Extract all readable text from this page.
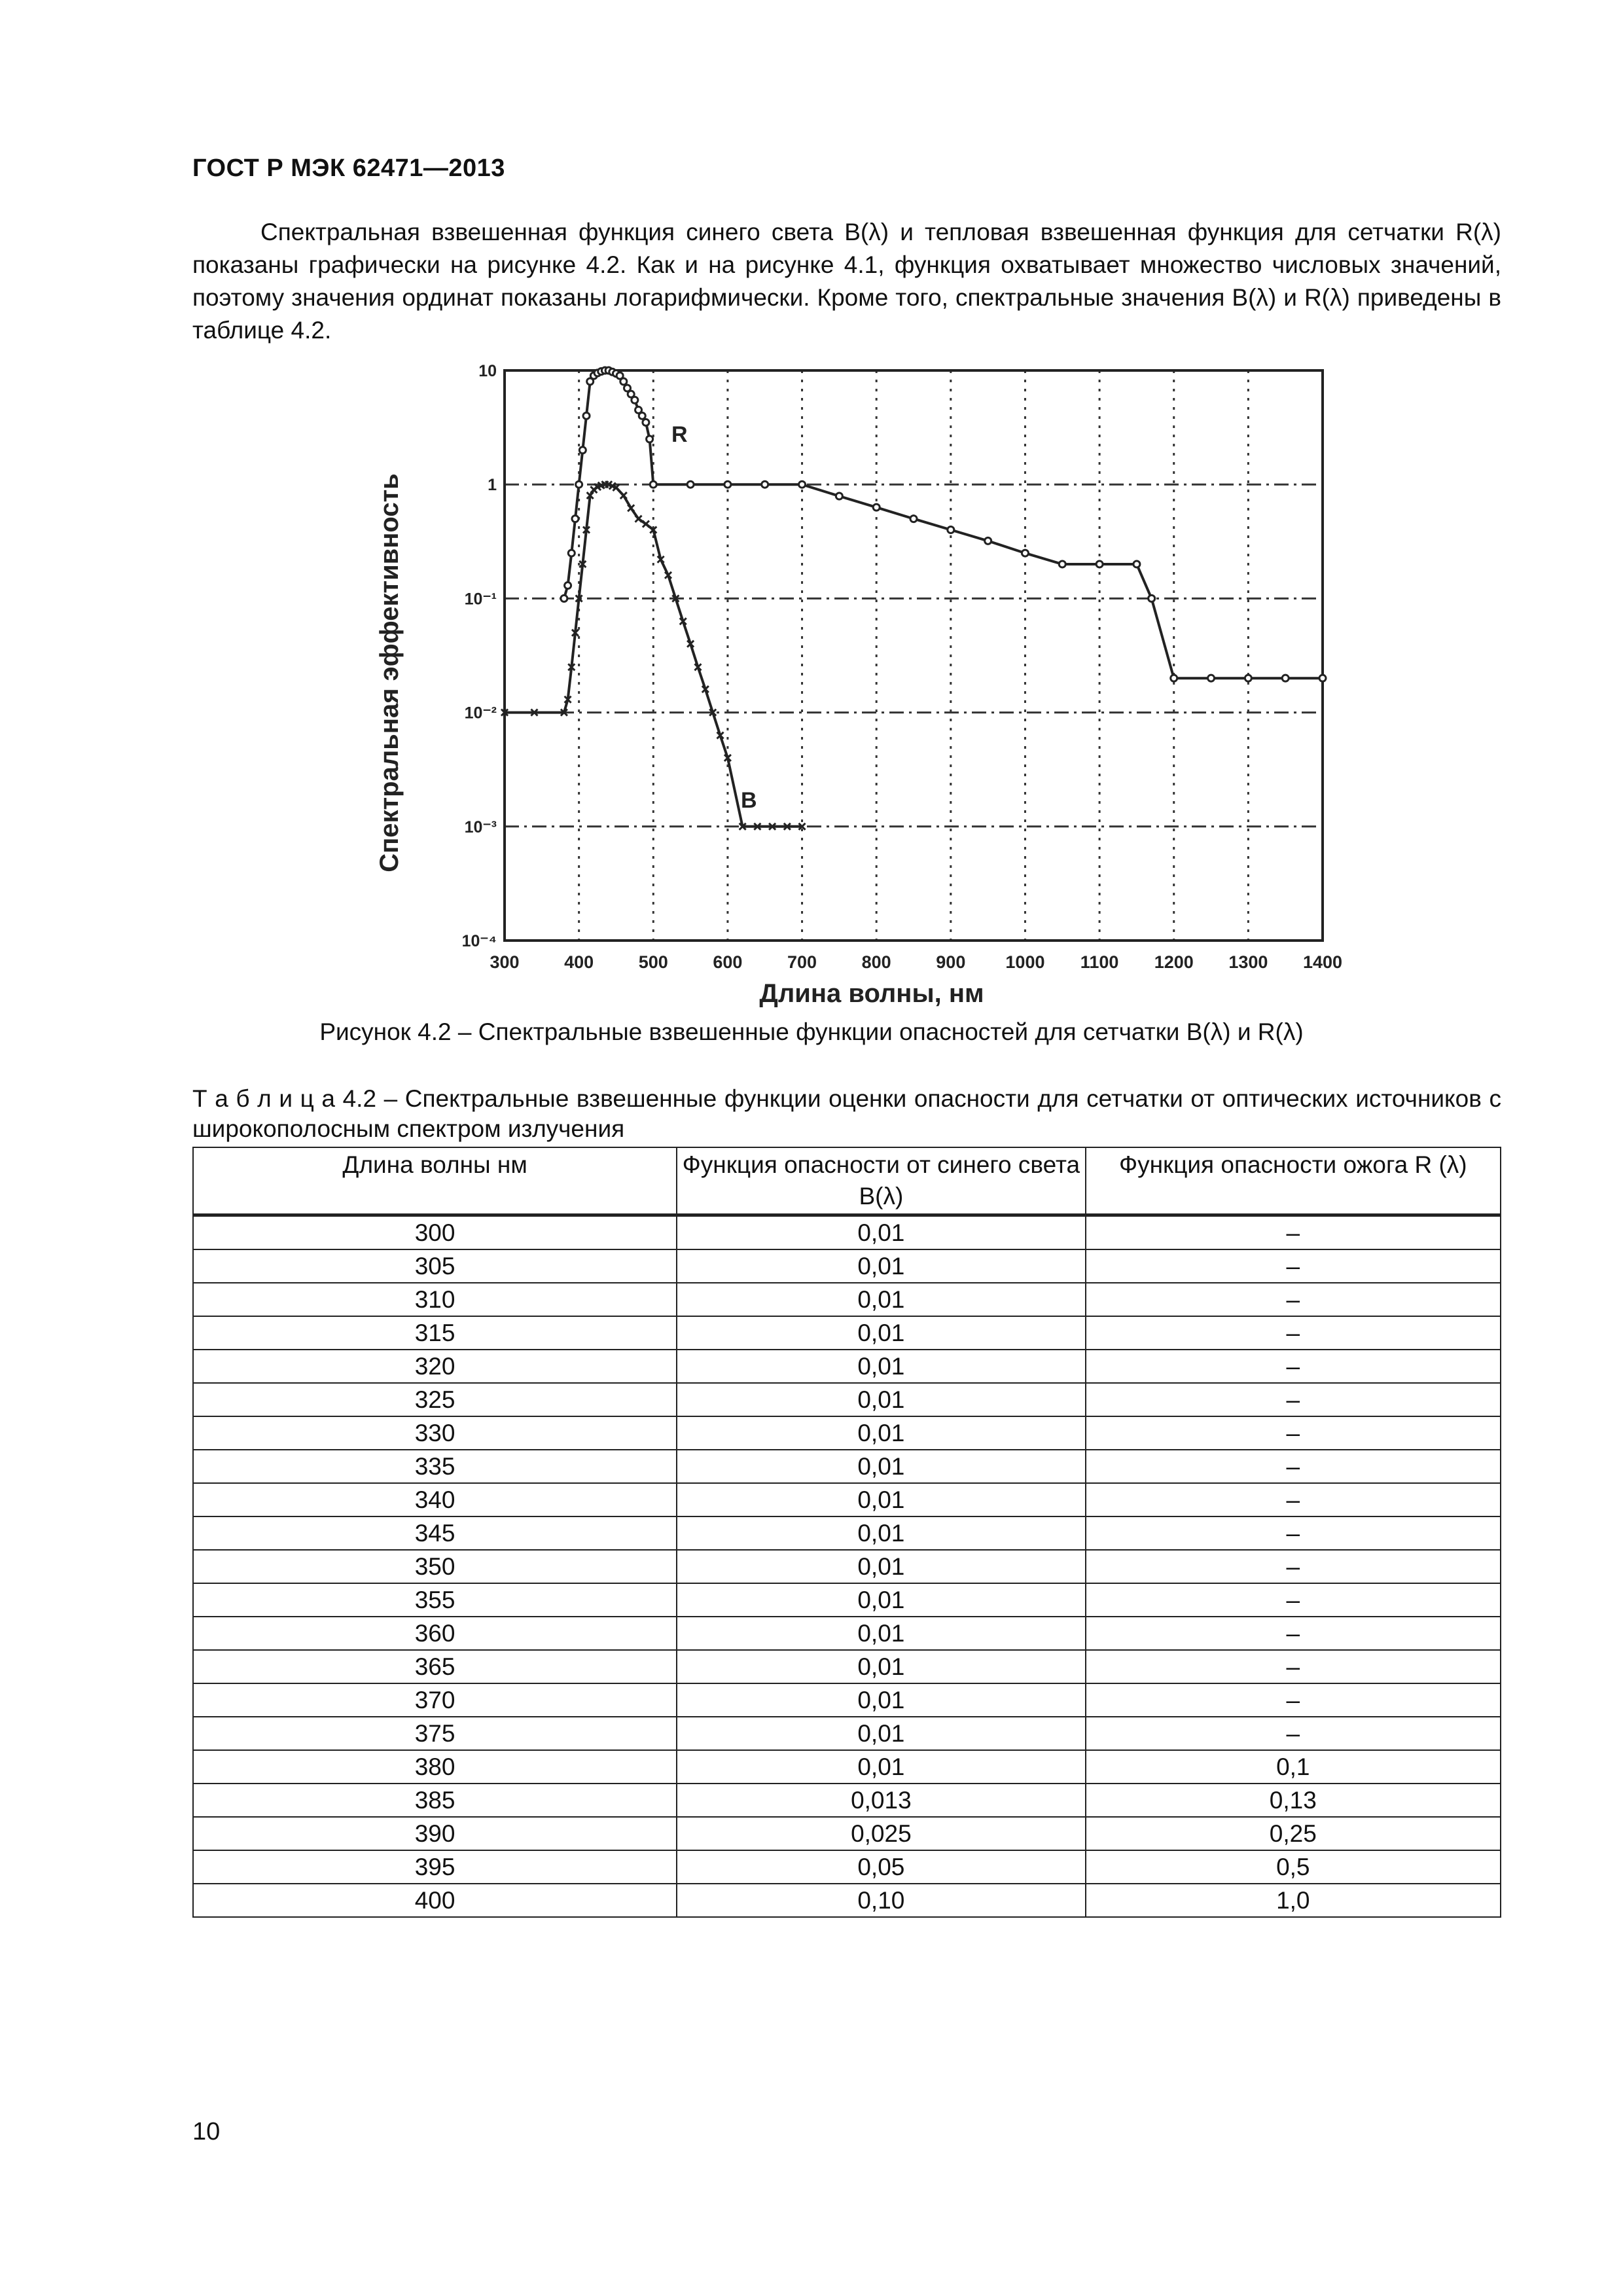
ГОСТ Р МЭК 62471—2013
Спектральная взвешенная функция синего света B(λ) и тепловая взвешенная функция для сетчатки R(λ) показаны графически на рисунке 4.2. Как и на рисунке 4.1, функция охватывает множество числовых значений, поэтому значения ординат показаны логарифмически. Кроме того, спектральные значения B(λ) и R(λ) приведены в таблице 4.2.
300	400	500	600	700	800	900 1000 1100 1200 1300 1400
10⁻⁴
10⁻³
10⁻²
10⁻¹
1
10
R
B
Длина волны, нм
Спектральная эффективность
Рисунок 4.2 – Спектральные взвешенные функции опасностей для сетчатки B(λ) и R(λ)
Т а б л и ц а 4.2 – Спектральные взвешенные функции оценки опасности для сетчатки от оптических источников с широкополосным спектром излучения
Длина волны нм	Функция опасности от синего света B(λ)	Функция опасности ожога R (λ)
300	0,01	–
305	0,01	–
310	0,01	–
315	0,01	–
320	0,01	–
325	0,01	–
330	0,01	–
335	0,01	–
340	0,01	–
345	0,01	–
350	0,01	–
355	0,01	–
360	0,01	–
365	0,01	–
370	0,01	–
375	0,01	–
380	0,01	0,1
385	0,013	0,13
390	0,025	0,25
395	0,05	0,5
400	0,10	1,0
10
